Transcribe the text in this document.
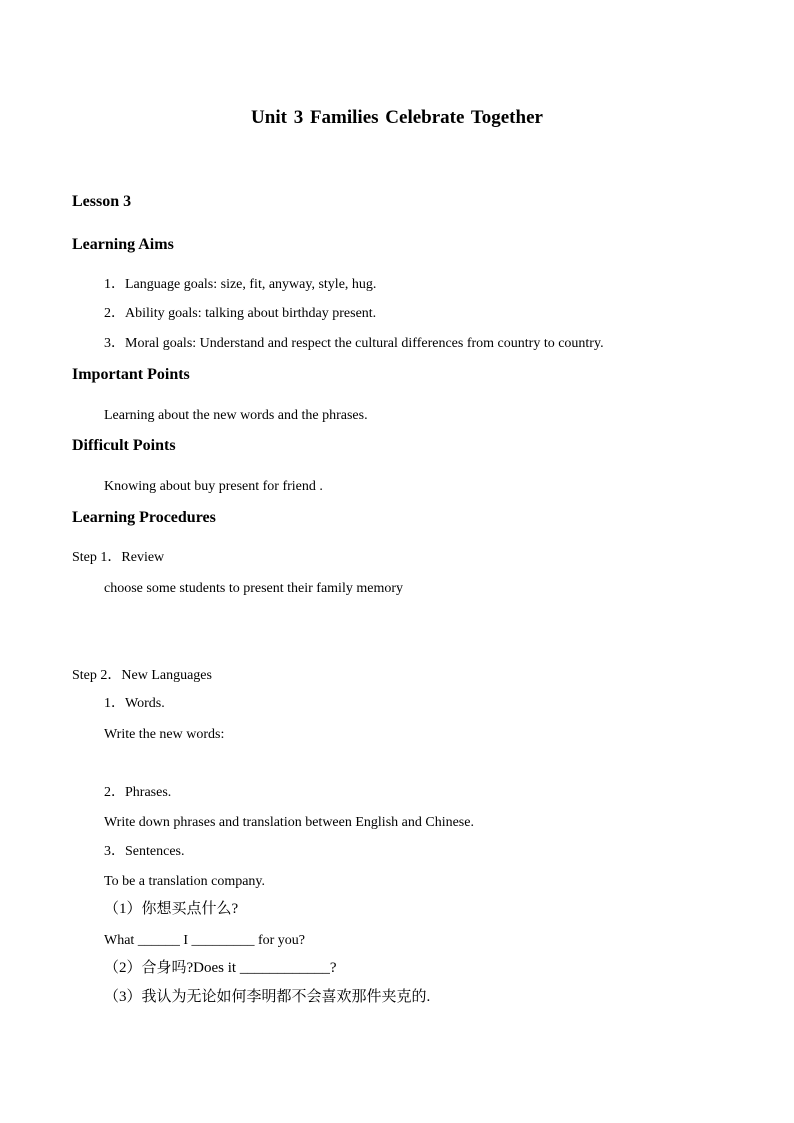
Unit 3 Families Celebrate Together
Lesson 3
Learning Aims
1．Language goals: size, fit, anyway, style, hug.
2．Ability goals: talking about birthday present.
3．Moral goals: Understand and respect the cultural differences from country to country.
Important Points
Learning about the new words and the phrases.
Difficult Points
Knowing about buy present for friend .
Learning Procedures
Step 1．Review
choose some students to present their family memory
Step 2．New Languages
1．Words.
Write the new words:
2．Phrases.
Write down phrases and translation between English and Chinese.
3．Sentences.
To be a translation company.
（1）你想买点什么?
What ______ I _________ for you?
（2）合身吗?Does it ____________?
（3）我认为无论如何李明都不会喜欢那件夹克的.
